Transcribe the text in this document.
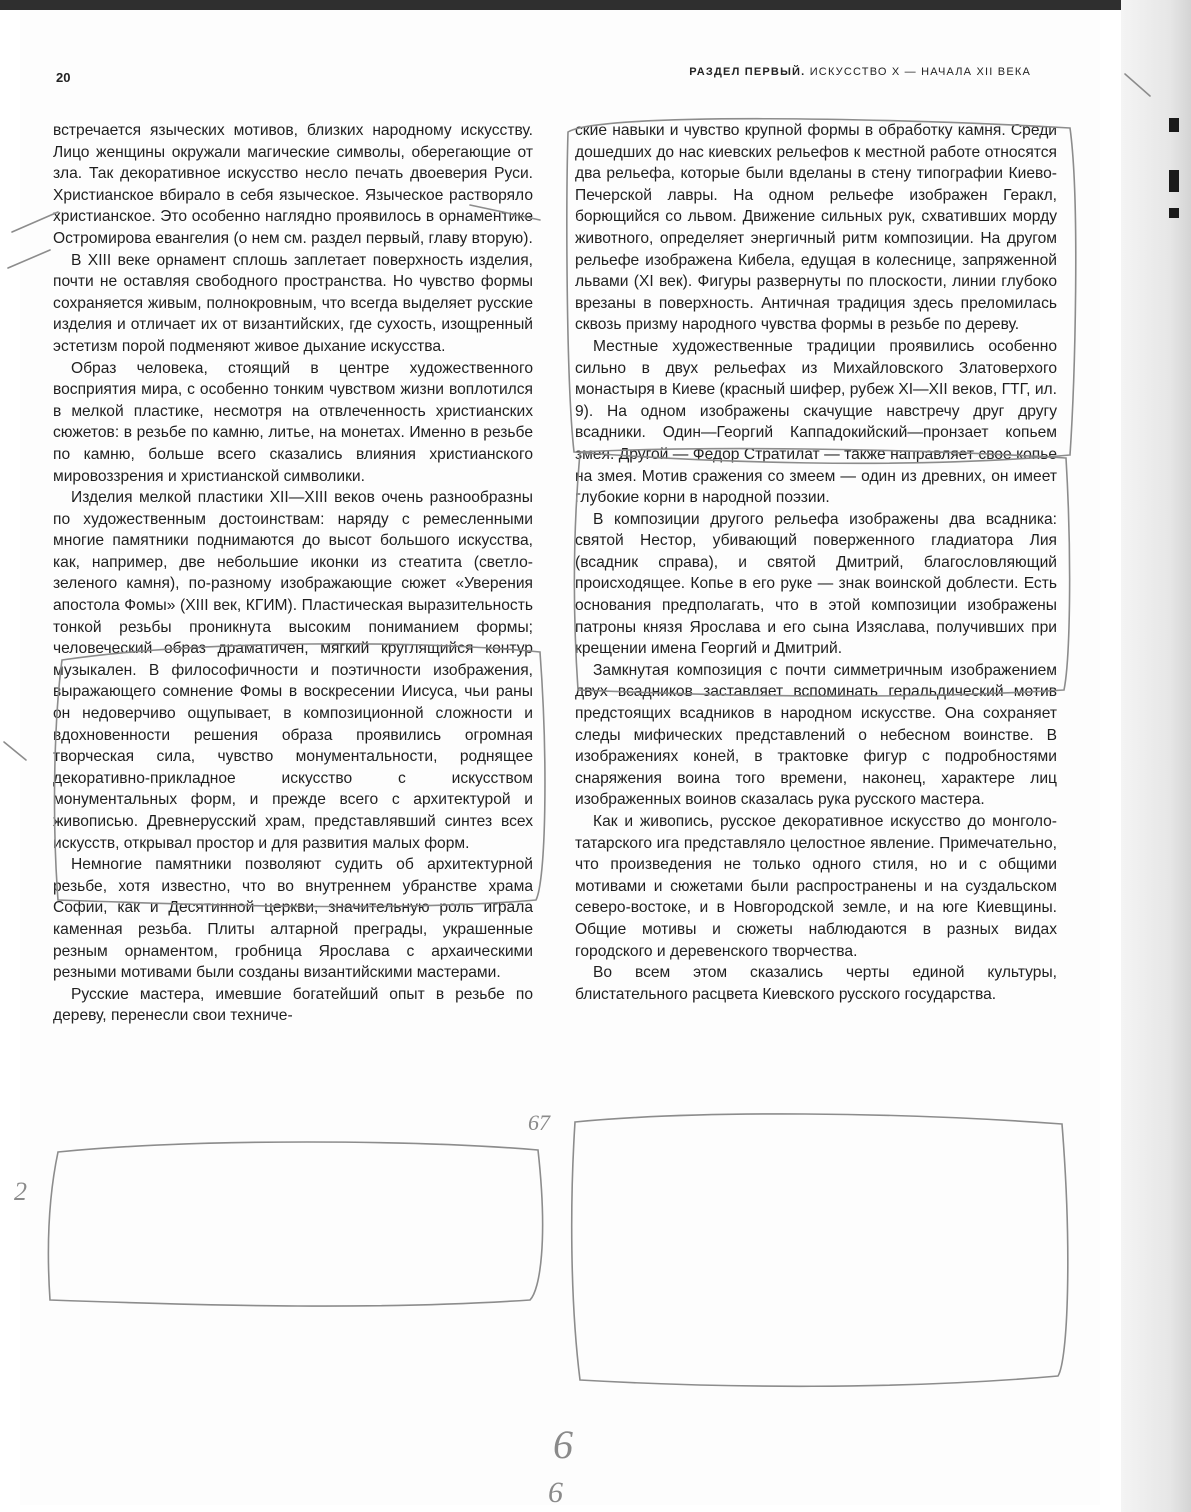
20	РАЗДЕЛ ПЕРВЫЙ. ИСКУССТВО X — НАЧАЛА XII ВЕКА

встречается языческих мотивов, близких народному искусству. Лицо женщины окружали магические символы, оберегающие от зла. Так декоративное искусство несло печать двоеверия Руси. Христианское вбирало в себя языческое. Языческое растворяло христианское. Это особенно наглядно проявилось в орнаментике Остромирова евангелия (о нем см. раздел первый, главу вторую).

В XIII веке орнамент сплошь заплетает поверхность изделия, почти не оставляя свободного пространства. Но чувство формы сохраняется живым, полнокровным, что всегда выделяет русские изделия и отличает их от византийских, где сухость, изощренный эстетизм порой подменяют живое дыхание искусства.

Образ человека, стоящий в центре художественного восприятия мира, с особенно тонким чувством жизни воплотился в мелкой пластике, несмотря на отвлеченность христианских сюжетов: в резьбе по камню, литье, на монетах. Именно в резьбе по камню, больше всего сказались влияния христианского мировоззрения и христианской символики.

Изделия мелкой пластики XII—XIII веков очень разнообразны по художественным достоинствам: наряду с ремесленными многие памятники поднимаются до высот большого искусства, как, например, две небольшие иконки из стеатита (светло-зеленого камня), по-разному изображающие сюжет «Уверения апостола Фомы» (XIII век, КГИМ). Пластическая выразительность тонкой резьбы проникнута высоким пониманием формы; человеческий образ драматичен, мягкий круглящийся контур музыкален. В философичности и поэтичности изображения, выражающего сомнение Фомы в воскресении Иисуса, чьи раны он недоверчиво ощупывает, в композиционной сложности и вдохновенности решения образа проявились огромная творческая сила, чувство монументальности, роднящее декоративно-прикладное искусство с искусством монументальных форм, и прежде всего с архитектурой и живописью. Древнерусский храм, представлявший синтез всех искусств, открывал простор и для развития малых форм.

Немногие памятники позволяют судить об архитектурной резьбе, хотя известно, что во внутреннем убранстве храма Софии, как и Десятинной церкви, значительную роль играла каменная резьба. Плиты алтарной преграды, украшенные резным орнаментом, гробница Ярослава с архаическими резными мотивами были созданы византийскими мастерами.

Русские мастера, имевшие богатейший опыт в резьбе по дереву, перенесли свои техниче-

ские навыки и чувство крупной формы в обработку камня. Среди дошедших до нас киевских рельефов к местной работе относятся два рельефа, которые были вделаны в стену типографии Киево-Печерской лавры. На одном рельефе изображен Геракл, борющийся со львом. Движение сильных рук, схвативших морду животного, определяет энергичный ритм композиции. На другом рельефе изображена Кибела, едущая в колеснице, запряженной львами (XI век). Фигуры развернуты по плоскости, линии глубоко врезаны в поверхность. Античная традиция здесь преломилась сквозь призму народного чувства формы в резьбе по дереву.

Местные художественные традиции проявились особенно сильно в двух рельефах из Михайловского Златоверхого монастыря в Киеве (красный шифер, рубеж XI—XII веков, ГТГ, ил. 9). На одном изображены скачущие навстречу друг другу всадники. Один—Георгий Каппадокийский—пронзает копьем змея. Другой — Федор Стратилат — также направляет свое копье на змея. Мотив сражения со змеем — один из древних, он имеет глубокие корни в народной поэзии.

В композиции другого рельефа изображены два всадника: святой Нестор, убивающий поверженного гладиатора Лия (всадник справа), и святой Дмитрий, благословляющий происходящее. Копье в его руке — знак воинской доблести. Есть основания предполагать, что в этой композиции изображены патроны князя Ярослава и его сына Изяслава, получивших при крещении имена Георгий и Дмитрий.

Замкнутая композиция с почти симметричным изображением двух всадников заставляет вспоминать геральдический мотив предстоящих всадников в народном искусстве. Она сохраняет следы мифических представлений о небесном воинстве. В изображениях коней, в трактовке фигур с подробностями снаряжения воина того времени, наконец, характере лиц изображенных воинов сказалась рука русского мастера.

Как и живопись, русское декоративное искусство до монголо-татарского ига представляло целостное явление. Примечательно, что произведения не только одного стиля, но и с общими мотивами и сюжетами были распространены и на суздальском северо-востоке, и в Новгородской земле, и на юге Киевщины. Общие мотивы и сюжеты наблюдаются в разных видах городского и деревенского творчества.

Во всем этом сказались черты единой культуры, блистательного расцвета Киевского русского государства.

2
6
6
67
